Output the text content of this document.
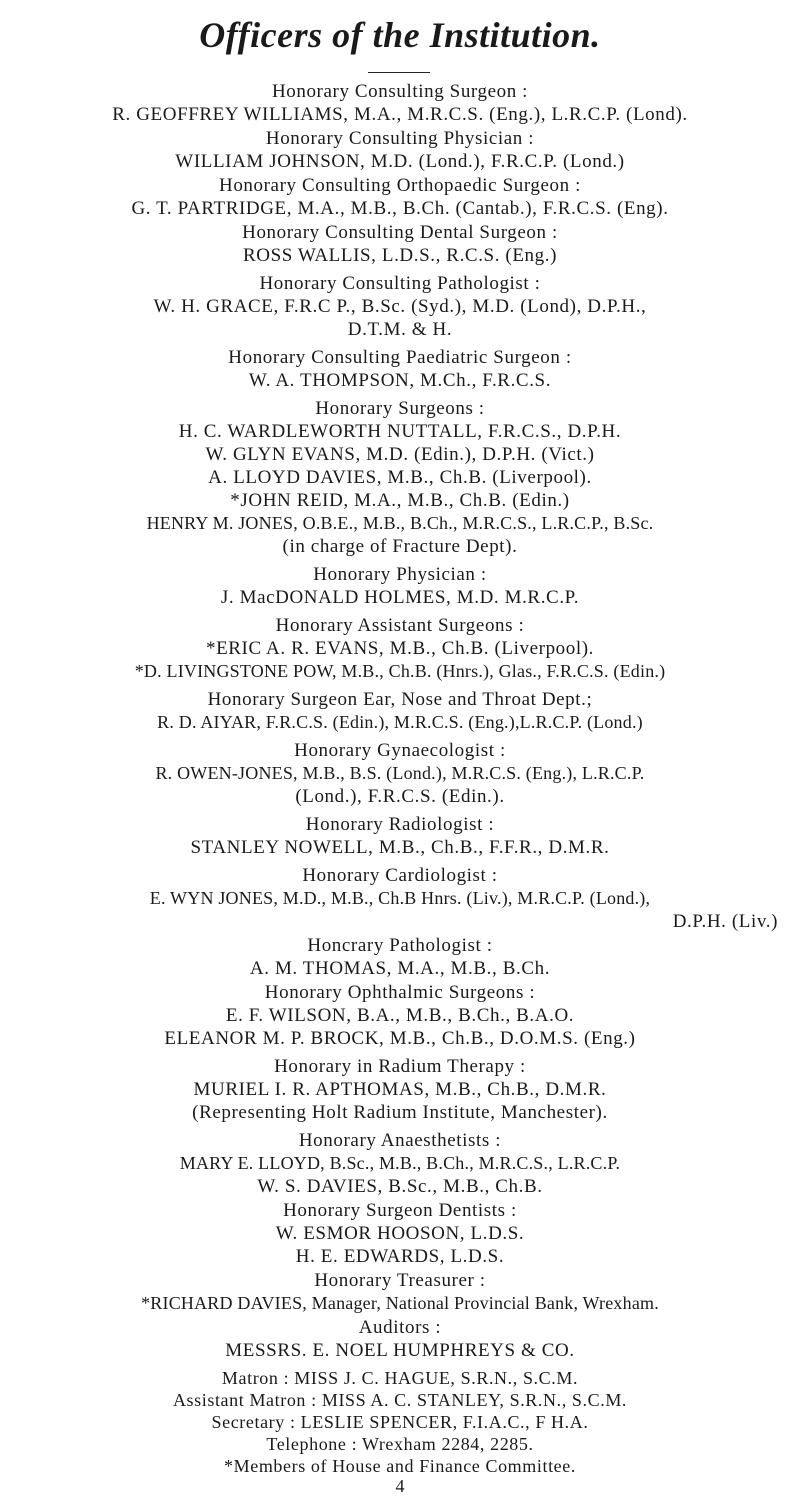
Officers of the Institution.
Honorary Consulting Surgeon :
R. GEOFFREY WILLIAMS, M.A., M.R.C.S. (Eng.), L.R.C.P. (Lond).
Honorary Consulting Physician :
WILLIAM JOHNSON, M.D. (Lond.), F.R.C.P. (Lond.)
Honorary Consulting Orthopaedic Surgeon :
G. T. PARTRIDGE, M.A., M.B., B.Ch. (Cantab.), F.R.C.S. (Eng).
Honorary Consulting Dental Surgeon :
ROSS WALLIS, L.D.S., R.C.S. (Eng.)
Honorary Consulting Pathologist :
W. H. GRACE, F.R.C P., B.Sc. (Syd.), M.D. (Lond), D.P.H.,
D.T.M. & H.
Honorary Consulting Paediatric Surgeon :
W. A. THOMPSON, M.Ch., F.R.C.S.
Honorary Surgeons :
H. C. WARDLEWORTH NUTTALL, F.R.C.S., D.P.H.
W. GLYN EVANS, M.D. (Edin.), D.P.H. (Vict.)
A. LLOYD DAVIES, M.B., Ch.B. (Liverpool).
*JOHN REID, M.A., M.B., Ch.B. (Edin.)
HENRY M. JONES, O.B.E., M.B., B.Ch., M.R.C.S., L.R.C.P., B.Sc.
(in charge of Fracture Dept).
Honorary Physician :
J. MacDONALD HOLMES, M.D. M.R.C.P.
Honorary Assistant Surgeons :
*ERIC A. R. EVANS, M.B., Ch.B. (Liverpool).
*D. LIVINGSTONE POW, M.B., Ch.B. (Hnrs.), Glas., F.R.C.S. (Edin.)
Honorary Surgeon Ear, Nose and Throat Dept.;
R. D. AIYAR, F.R.C.S. (Edin.), M.R.C.S. (Eng.),L.R.C.P. (Lond.)
Honorary Gynaecologist :
R. OWEN-JONES, M.B., B.S. (Lond.), M.R.C.S. (Eng.), L.R.C.P.
(Lond.), F.R.C.S. (Edin.).
Honorary Radiologist :
STANLEY NOWELL, M.B., Ch.B., F.F.R., D.M.R.
Honorary Cardiologist :
E. WYN JONES, M.D., M.B., Ch.B Hnrs. (Liv.), M.R.C.P. (Lond.),
D.P.H. (Liv.)
Honcrary Pathologist :
A. M. THOMAS, M.A., M.B., B.Ch.
Honorary Ophthalmic Surgeons :
E. F. WILSON, B.A., M.B., B.Ch., B.A.O.
ELEANOR M. P. BROCK, M.B., Ch.B., D.O.M.S. (Eng.)
Honorary in Radium Therapy :
MURIEL I. R. APTHOMAS, M.B., Ch.B., D.M.R.
(Representing Holt Radium Institute, Manchester).
Honorary Anaesthetists :
MARY E. LLOYD, B.Sc., M.B., B.Ch., M.R.C.S., L.R.C.P.
W. S. DAVIES, B.Sc., M.B., Ch.B.
Honorary Surgeon Dentists :
W. ESMOR HOOSON, L.D.S.
H. E. EDWARDS, L.D.S.
Honorary Treasurer :
*RICHARD DAVIES, Manager, National Provincial Bank, Wrexham.
Auditors :
MESSRS. E. NOEL HUMPHREYS & CO.
Matron : MISS J. C. HAGUE, S.R.N., S.C.M.
Assistant Matron : MISS A. C. STANLEY, S.R.N., S.C.M.
Secretary : LESLIE SPENCER, F.I.A.C., F H.A.
Telephone : Wrexham 2284, 2285.
*Members of House and Finance Committee.
4
